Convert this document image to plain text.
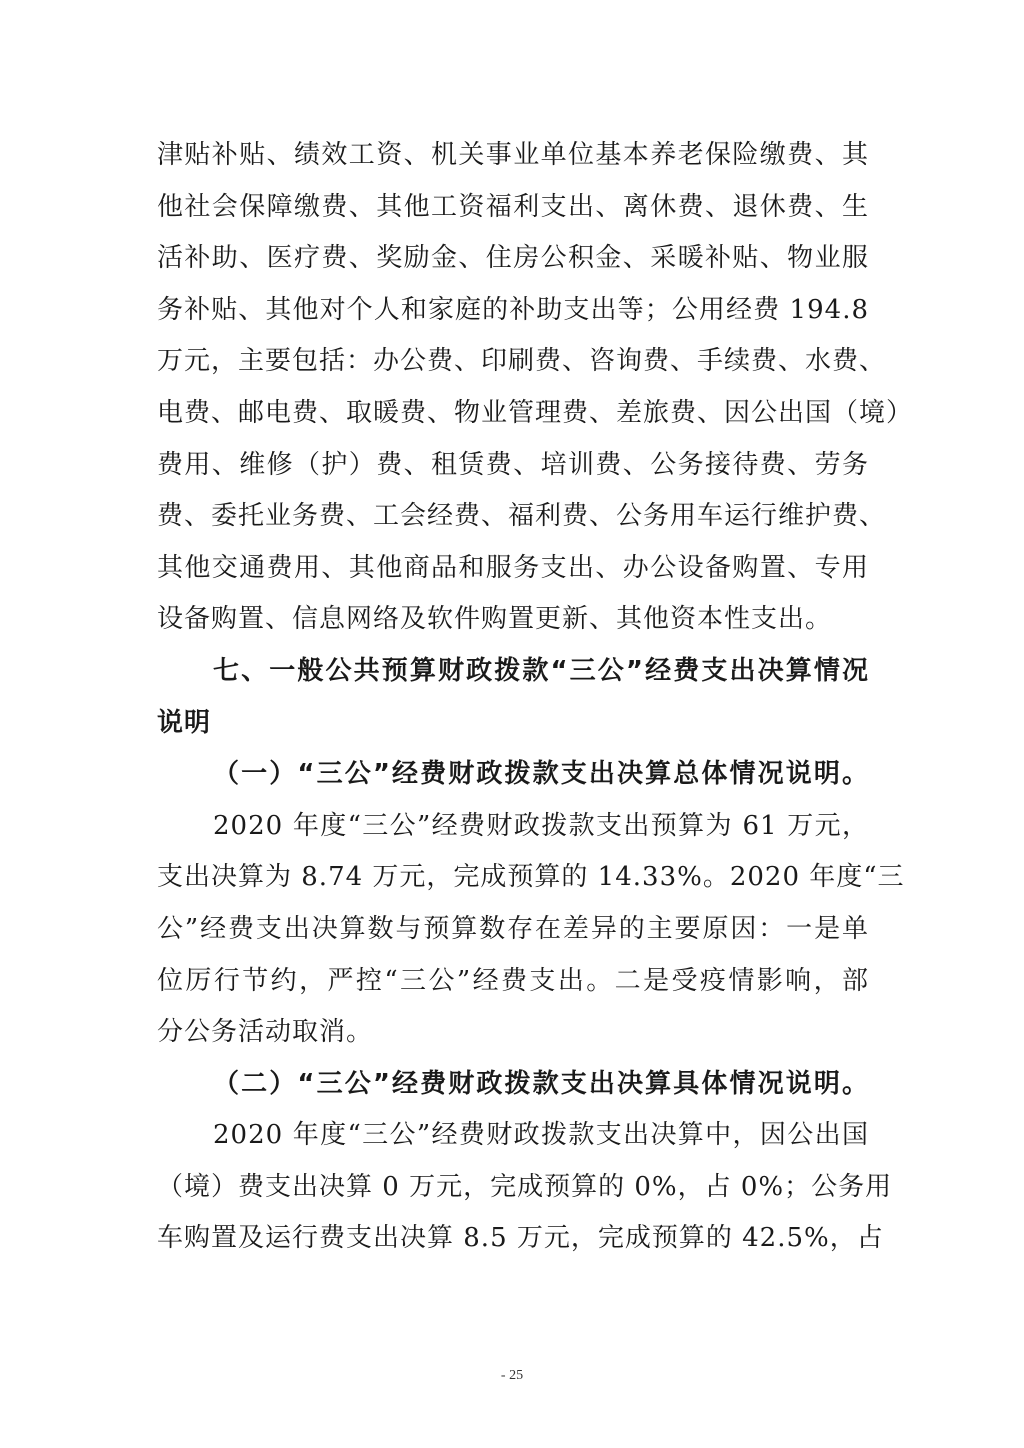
津贴补贴、绩效工资、机关事业单位基本养老保险缴费、其
他社会保障缴费、其他工资福利支出、离休费、退休费、生
活补助、医疗费、奖励金、住房公积金、采暖补贴、物业服
务补贴、其他对个人和家庭的补助支出等；公用经费 194.8
万元，主要包括：办公费、印刷费、咨询费、手续费、水费、
电费、邮电费、取暖费、物业管理费、差旅费、因公出国（境）
费用、维修（护）费、租赁费、培训费、公务接待费、劳务
费、委托业务费、工会经费、福利费、公务用车运行维护费、
其他交通费用、其他商品和服务支出、办公设备购置、专用
设备购置、信息网络及软件购置更新、其他资本性支出。
七、一般公共预算财政拨款“三公”经费支出决算情况
说明
（一）“三公”经费财政拨款支出决算总体情况说明。
2020 年度“三公”经费财政拨款支出预算为 61 万元，
支出决算为 8.74 万元，完成预算的 14.33%。2020 年度“三
公”经费支出决算数与预算数存在差异的主要原因：一是单
位厉行节约，严控“三公”经费支出。二是受疫情影响，部
分公务活动取消。
（二）“三公”经费财政拨款支出决算具体情况说明。
2020 年度“三公”经费财政拨款支出决算中，因公出国
（境）费支出决算 0 万元，完成预算的 0%，占 0%；公务用
车购置及运行费支出决算 8.5 万元，完成预算的 42.5%，占
- 25
